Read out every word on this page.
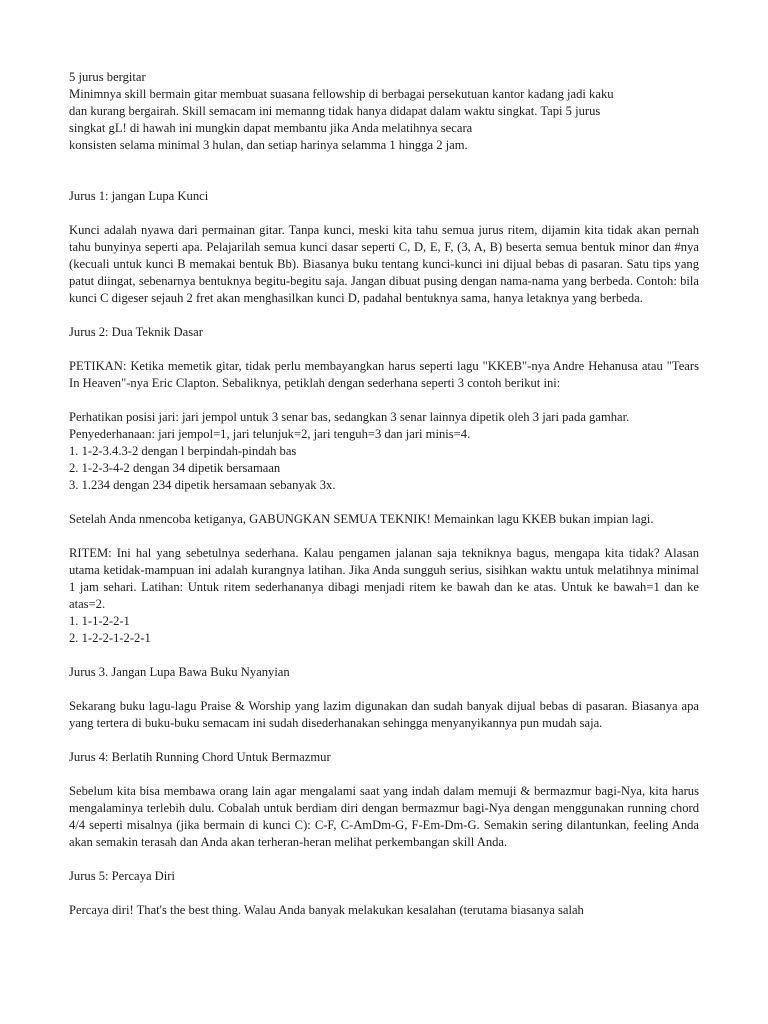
5 jurus bergitar

Minimnya skill bermain gitar membuat suasana fellowship di berbagai persekutuan kantor kadang jadi kaku
dan kurang bergairah. Skill semacam ini memanng tidak hanya didapat dalam waktu singkat. Tapi 5 jurus
singkat gL! di hawah ini mungkin dapat membantu jika Anda melatihnya secara
konsisten selama minimal 3 hulan, dan setiap harinya selamma 1 hingga 2 jam.

Jurus 1: jangan Lupa Kunci

Kunci adalah nyawa dari permainan gitar. Tanpa kunci, meski kita tahu semua jurus ritem, dijamin kita tidak akan pernah tahu bunyinya seperti apa. Pelajarilah semua kunci dasar seperti C, D, E, F, (3, A, B) beserta semua bentuk minor dan #nya (kecuali untuk kunci B memakai bentuk Bb). Biasanya buku tentang kunci-kunci ini dijual bebas di pasaran. Satu tips yang patut diingat, sebenarnya bentuknya begitu-begitu saja. Jangan dibuat pusing dengan nama-nama yang berbeda. Contoh: bila kunci C digeser sejauh 2 fret akan menghasilkan kunci D, padahal bentuknya sama, hanya letaknya yang berbeda.

Jurus 2: Dua Teknik Dasar

PETIKAN: Ketika memetik gitar, tidak perlu membayangkan harus seperti lagu "KKEB"-nya Andre Hehanusa atau "Tears In Heaven"-nya Eric Clapton. Sebaliknya, petiklah dengan sederhana seperti 3 contoh berikut ini:

Perhatikan posisi jari: jari jempol untuk 3 senar bas, sedangkan 3 senar lainnya dipetik oleh 3 jari pada gamhar.

Penyederhanaan: jari jempol=1, jari telunjuk=2, jari tenguh=3 dan jari minis=4.

1. 1-2-3.4.3-2 dengan l berpindah-pindah bas

2. 1-2-3-4-2 dengan 34 dipetik bersamaan

3. 1.234 dengan 234 dipetik hersamaan sebanyak 3x.

Setelah Anda nmencoba ketiganya, GABUNGKAN SEMUA TEKNIK! Memainkan lagu KKEB bukan impian lagi.

RITEM: Ini hal yang sebetulnya sederhana. Kalau pengamen jalanan saja tekniknya bagus, mengapa kita tidak? Alasan utama ketidak-mampuan ini adalah kurangnya latihan. Jika Anda sungguh serius, sisihkan waktu untuk melatihnya minimal 1 jam sehari. Latihan: Untuk ritem sederhananya dibagi menjadi ritem ke bawah dan ke atas. Untuk ke bawah=1 dan ke atas=2.

1. 1-1-2-2-1

2. 1-2-2-1-2-2-1

Jurus 3. Jangan Lupa Bawa Buku Nyanyian

Sekarang buku lagu-lagu Praise & Worship yang lazim digunakan dan sudah banyak dijual bebas di pasaran. Biasanya apa yang tertera di buku-buku semacam ini sudah disederhanakan sehingga menyanyikannya pun mudah saja.

Jurus 4: Berlatih Running Chord Untuk Bermazmur

Sebelum kita bisa membawa orang lain agar mengalami saat yang indah dalam memuji & bermazmur bagi-Nya, kita harus mengalaminya terlebih dulu. Cobalah untuk berdiam diri dengan bermazmur bagi-Nya dengan menggunakan running chord 4/4 seperti misalnya (jika bermain di kunci C): C-F, C-AmDm-G, F-Em-Dm-G. Semakin sering dilantunkan, feeling Anda akan semakin terasah dan Anda akan terheran-heran melihat perkembangan skill Anda.

Jurus 5: Percaya Diri

Percaya diri! That's the best thing. Walau Anda banyak melakukan kesalahan (terutama biasanya salah
